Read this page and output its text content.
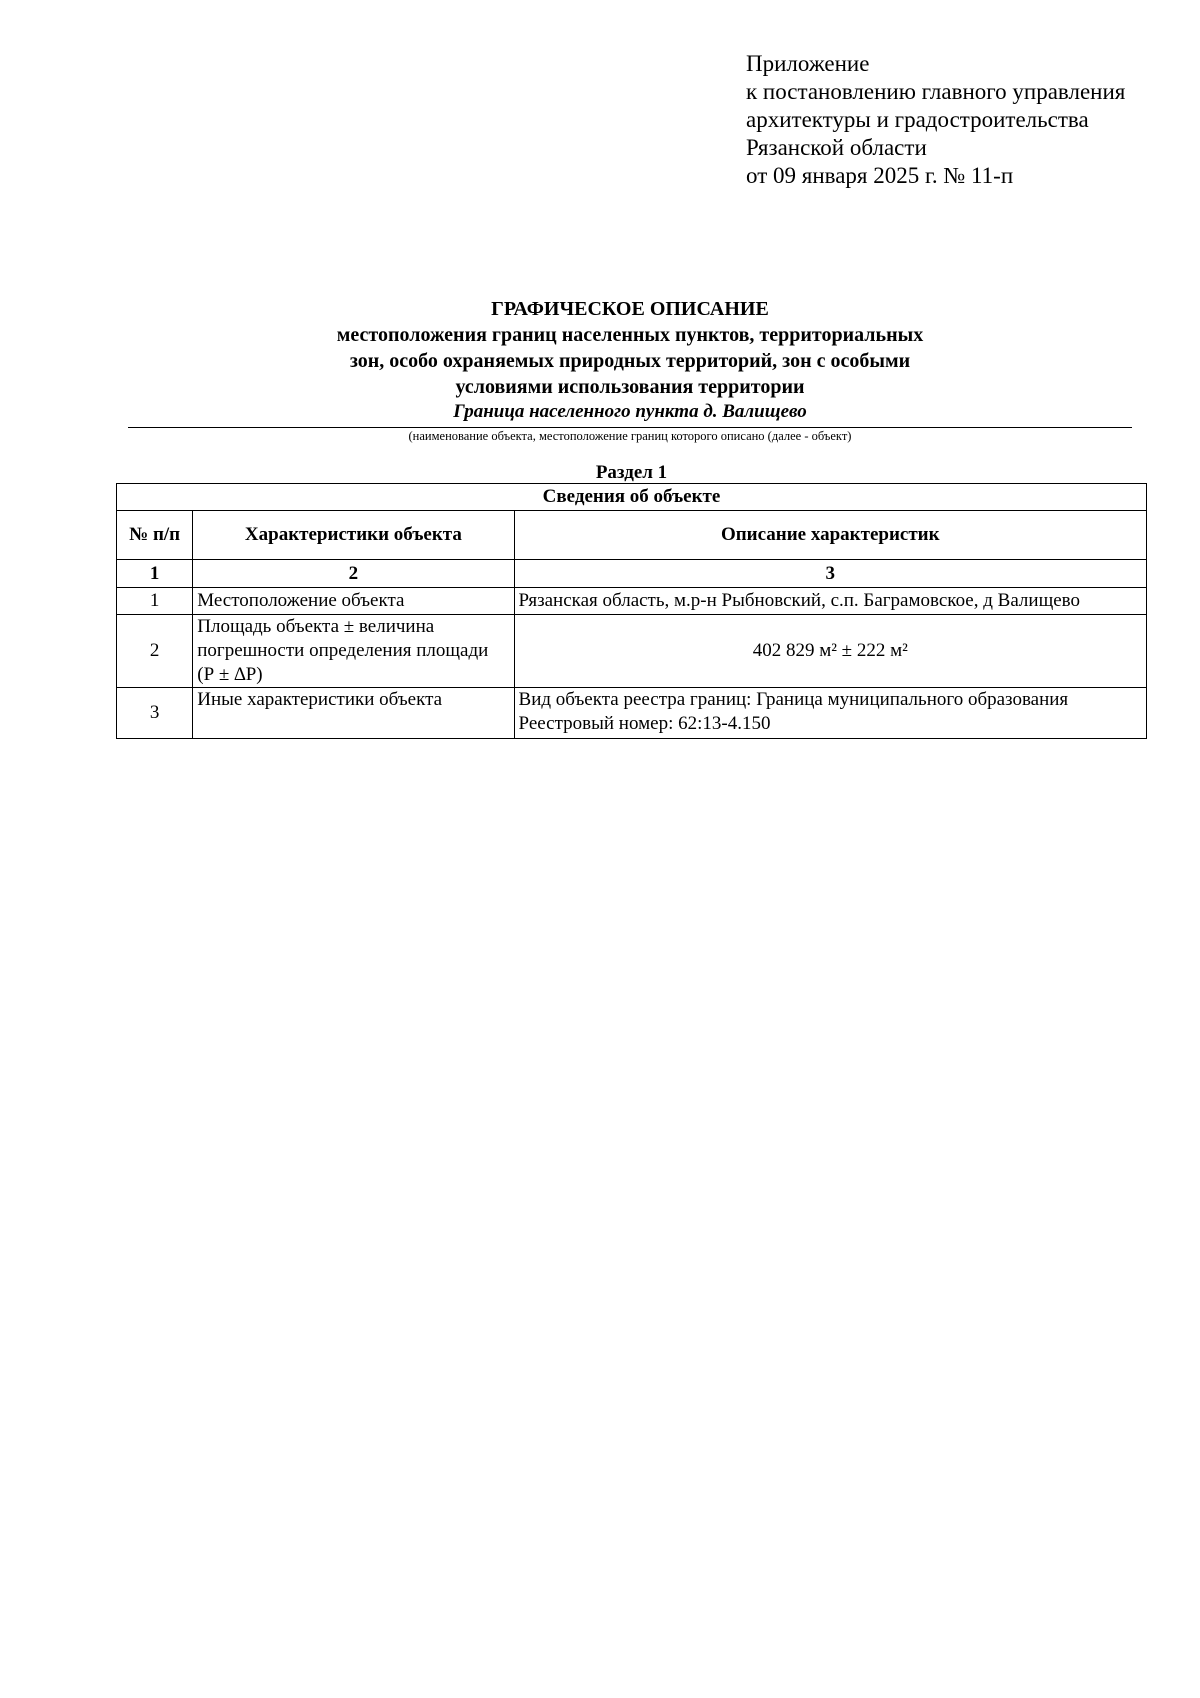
Приложение
к постановлению главного управления
архитектуры и градостроительства
Рязанской области
от 09 января 2025 г. № 11-п
ГРАФИЧЕСКОЕ ОПИСАНИЕ
местоположения границ населенных пунктов, территориальных
зон, особо охраняемых природных территорий, зон с особыми
условиями использования территории
Граница населенного пункта д. Валищево
(наименование объекта, местоположение границ которого описано (далее - объект)
Раздел 1
Сведения об объекте		
№ п/п	Характеристики объекта	Описание характеристик
1	2	3
1	Местоположение объекта	Рязанская область, м.р-н Рыбновский, с.п. Баграмовское, д Валищево
2	Площадь объекта ± величина
погрешности определения площади
(Р ± ∆Р)	402 829 м² ± 222 м²
3	Иные характеристики объекта	Вид объекта реестра границ: Граница муниципального образования
Реестровый номер: 62:13-4.150
